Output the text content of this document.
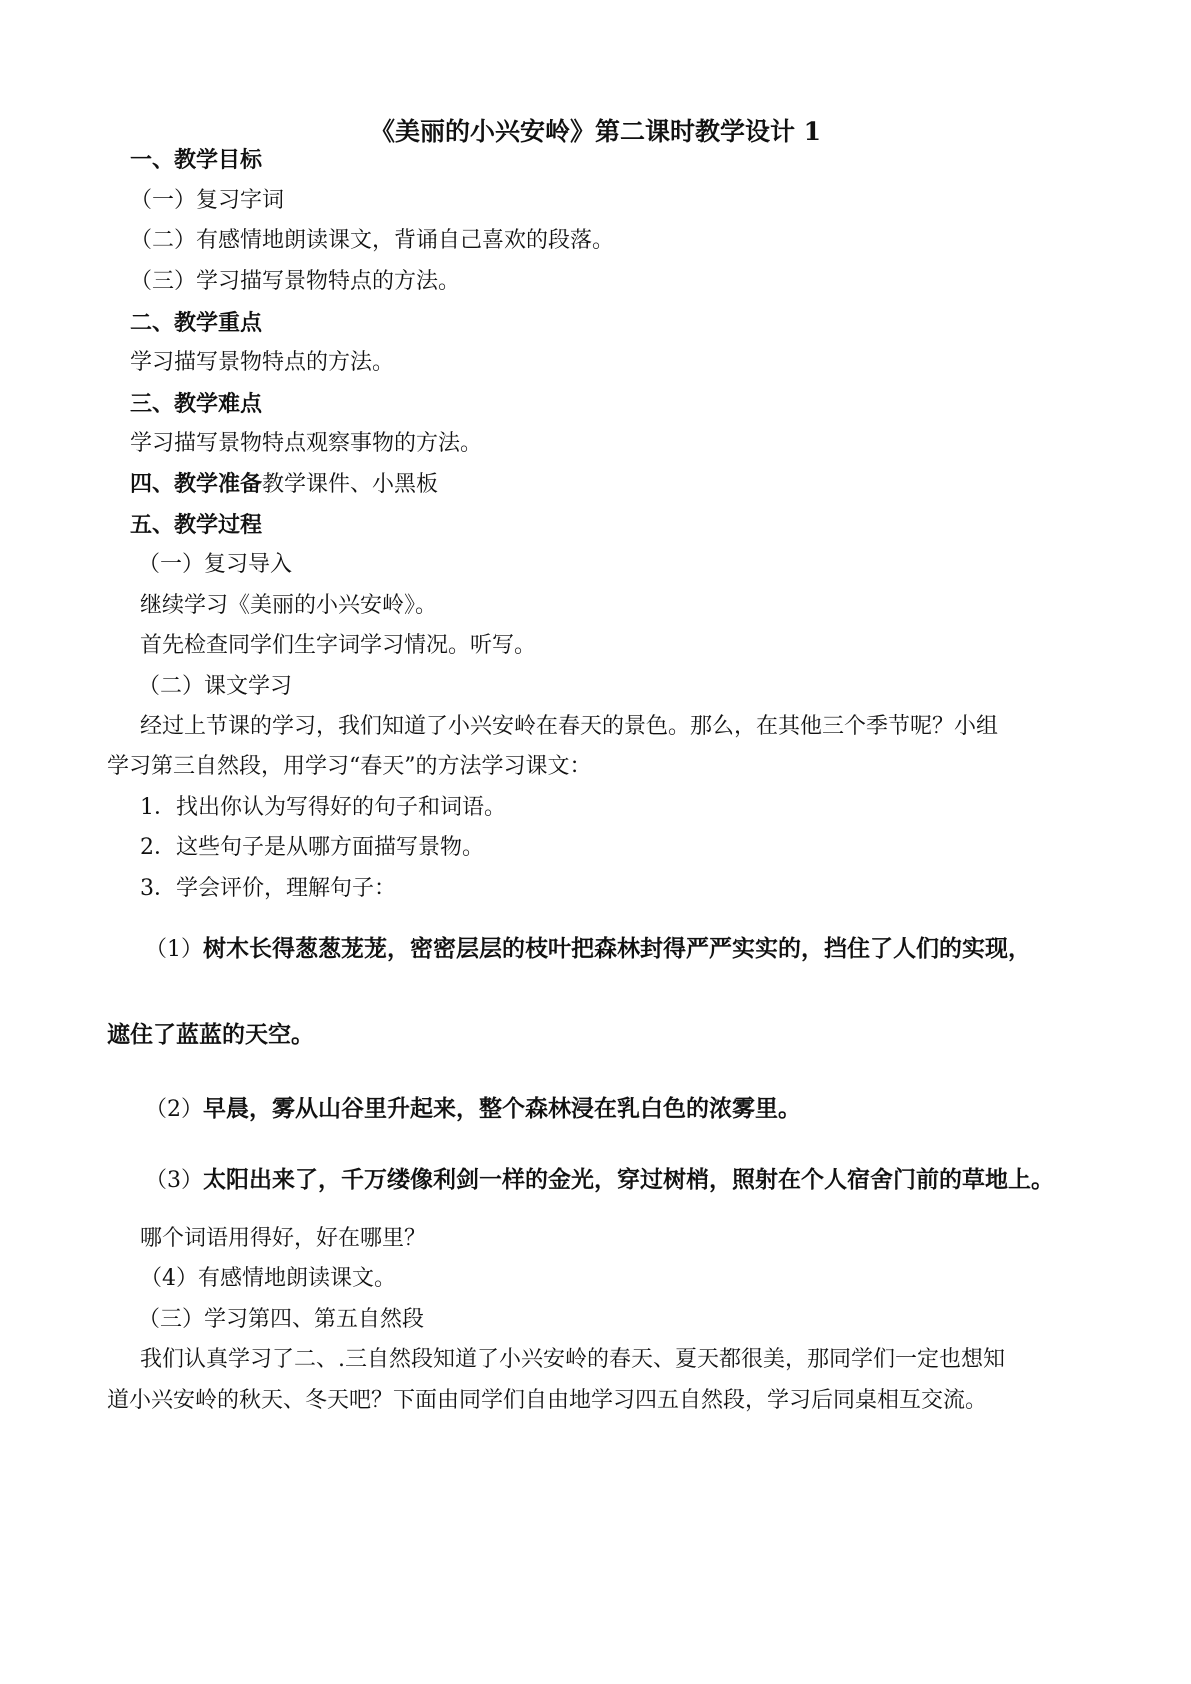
《美丽的小兴安岭》第二课时教学设计 1
一、教学目标
（一）复习字词
（二）有感情地朗读课文，背诵自己喜欢的段落。
（三）学习描写景物特点的方法。
二、教学重点
学习描写景物特点的方法。
三、教学难点
学习描写景物特点观察事物的方法。
四、教学准备教学课件、小黑板
五、教学过程
（一）复习导入
继续学习《美丽的小兴安岭》。
首先检查同学们生字词学习情况。听写。
（二）课文学习
经过上节课的学习，我们知道了小兴安岭在春天的景色。那么，在其他三个季节呢？小组
学习第三自然段，用学习“春天”的方法学习课文：
1．找出你认为写得好的句子和词语。
2．这些句子是从哪方面描写景物。
3．学会评价，理解句子：
（1）树木长得葱葱茏茏，密密层层的枝叶把森林封得严严实实的，挡住了人们的实现，
遮住了蓝蓝的天空。
（2）早晨，雾从山谷里升起来，整个森林浸在乳白色的浓雾里。
（3）太阳出来了，千万缕像利剑一样的金光，穿过树梢，照射在个人宿舍门前的草地上。
哪个词语用得好，好在哪里？
（4）有感情地朗读课文。
（三）学习第四、第五自然段
我们认真学习了二、.三自然段知道了小兴安岭的春天、夏天都很美，那同学们一定也想知
道小兴安岭的秋天、冬天吧？下面由同学们自由地学习四五自然段，学习后同桌相互交流。
